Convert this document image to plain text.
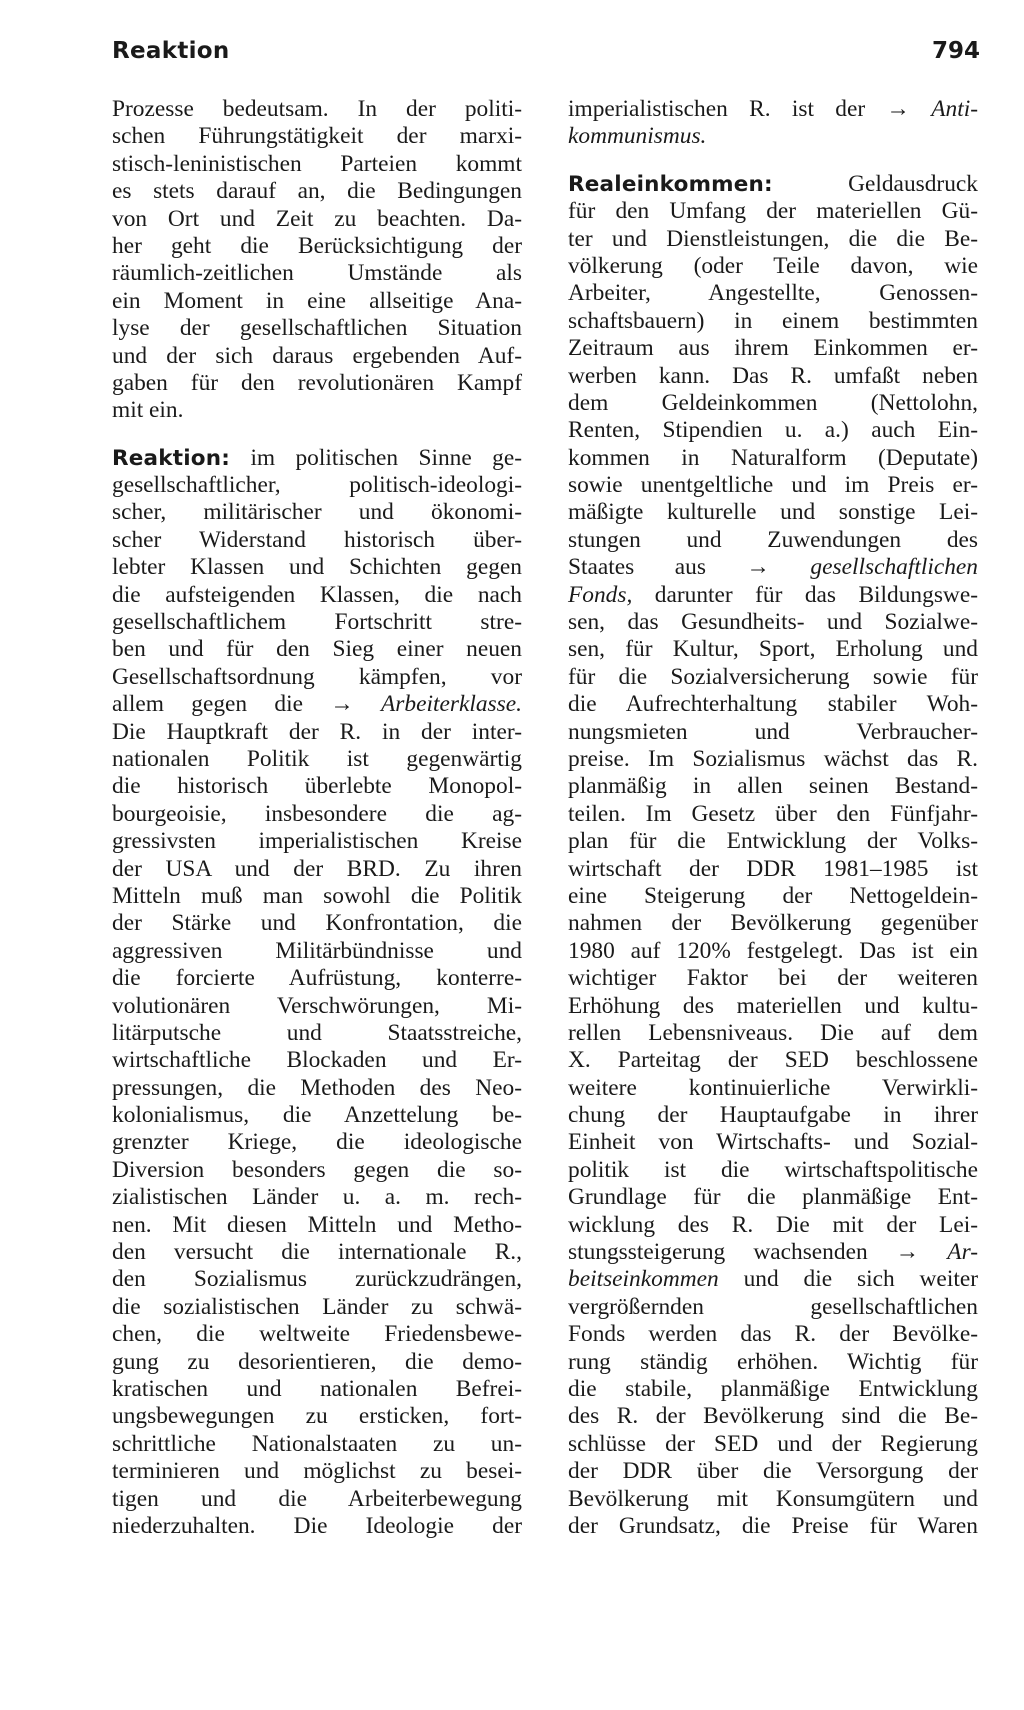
Reaktion	794
Prozesse bedeutsam. In der politi-
schen Führungstätigkeit der marxi-
stisch-leninistischen Parteien kommt
es stets darauf an, die Bedingungen
von Ort und Zeit zu beachten. Da-
her geht die Berücksichtigung der
räumlich-zeitlichen Umstände als
ein Moment in eine allseitige Ana-
lyse der gesellschaftlichen Situation
und der sich daraus ergebenden Auf-
gaben für den revolutionären Kampf
mit ein.
Reaktion: im politischen Sinne ge-
gesellschaftlicher, politisch-ideologi-
scher, militärischer und ökonomi-
scher Widerstand historisch über-
lebter Klassen und Schichten gegen
die aufsteigenden Klassen, die nach
gesellschaftlichem Fortschritt stre-
ben und für den Sieg einer neuen
Gesellschaftsordnung kämpfen, vor
allem gegen die → Arbeiterklasse.
Die Hauptkraft der R. in der inter-
nationalen Politik ist gegenwärtig
die historisch überlebte Monopol-
bourgeoisie, insbesondere die ag-
gressivsten imperialistischen Kreise
der USA und der BRD. Zu ihren
Mitteln muß man sowohl die Politik
der Stärke und Konfrontation, die
aggressiven Militärbündnisse und
die forcierte Aufrüstung, konterre-
volutionären Verschwörungen, Mi-
litärputsche und Staatsstreiche,
wirtschaftliche Blockaden und Er-
pressungen, die Methoden des Neo-
kolonialismus, die Anzettelung be-
grenzter Kriege, die ideologische
Diversion besonders gegen die so-
zialistischen Länder u. a. m. rech-
nen. Mit diesen Mitteln und Metho-
den versucht die internationale R.,
den Sozialismus zurückzudrängen,
die sozialistischen Länder zu schwä-
chen, die weltweite Friedensbewe-
gung zu desorientieren, die demo-
kratischen und nationalen Befrei-
ungsbewegungen zu ersticken, fort-
schrittliche Nationalstaaten zu un-
terminieren und möglichst zu besei-
tigen und die Arbeiterbewegung
niederzuhalten. Die Ideologie der
imperialistischen R. ist der → Anti-
kommunismus.
Realeinkommen:	Geldausdruck
für den Umfang der materiellen Gü-
ter und Dienstleistungen, die die Be-
völkerung (oder Teile davon, wie
Arbeiter, Angestellte, Genossen-
schaftsbauern) in einem bestimmten
Zeitraum aus ihrem Einkommen er-
werben kann. Das R. umfaßt neben
dem Geldeinkommen (Nettolohn,
Renten, Stipendien u. a.) auch Ein-
kommen in Naturalform (Deputate)
sowie unentgeltliche und im Preis er-
mäßigte kulturelle und sonstige Lei-
stungen und Zuwendungen des
Staates aus → gesellschaftlichen
Fonds, darunter für das Bildungswe-
sen, das Gesundheits- und Sozialwe-
sen, für Kultur, Sport, Erholung und
für die Sozialversicherung sowie für
die Aufrechterhaltung stabiler Woh-
nungsmieten und Verbraucher-
preise. Im Sozialismus wächst das R.
planmäßig in allen seinen Bestand-
teilen. Im Gesetz über den Fünfjahr-
plan für die Entwicklung der Volks-
wirtschaft der DDR 1981–1985 ist
eine Steigerung der Nettogeldein-
nahmen der Bevölkerung gegenüber
1980 auf 120% festgelegt. Das ist ein
wichtiger Faktor bei der weiteren
Erhöhung des materiellen und kultu-
rellen Lebensniveaus. Die auf dem
X. Parteitag der SED beschlossene
weitere kontinuierliche Verwirkli-
chung der Hauptaufgabe in ihrer
Einheit von Wirtschafts- und Sozial-
politik ist die wirtschaftspolitische
Grundlage für die planmäßige Ent-
wicklung des R. Die mit der Lei-
stungssteigerung wachsenden → Ar-
beitseinkommen und die sich weiter
vergrößernden gesellschaftlichen
Fonds werden das R. der Bevölke-
rung ständig erhöhen. Wichtig für
die stabile, planmäßige Entwicklung
des R. der Bevölkerung sind die Be-
schlüsse der SED und der Regierung
der DDR über die Versorgung der
Bevölkerung mit Konsumgütern und
der Grundsatz, die Preise für Waren
